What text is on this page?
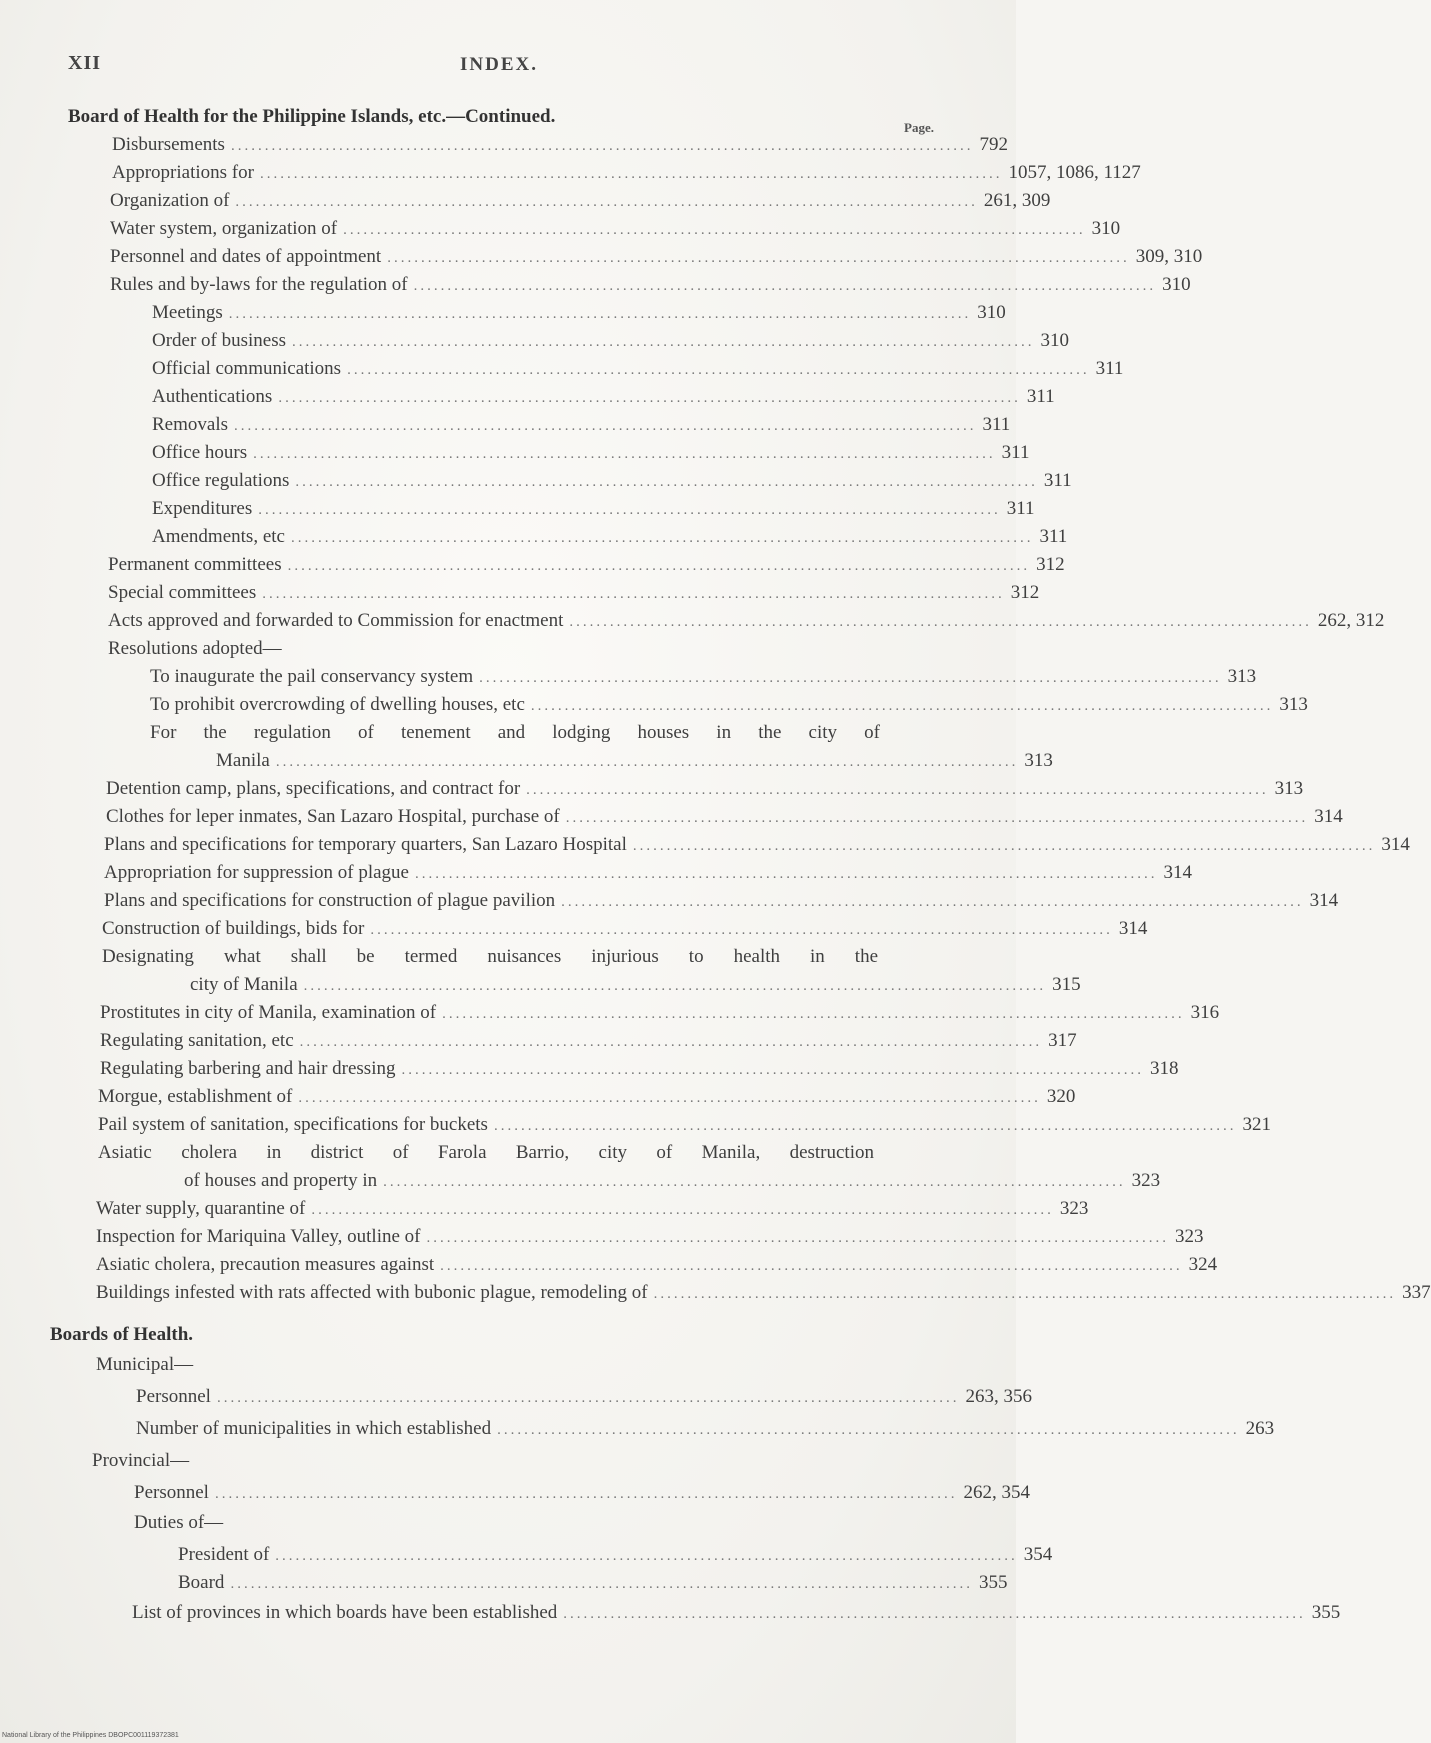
XII	INDEX.
Board of Health for the Philippine Islands, etc.—Continued.
Page.
Disbursements .............................................................................................................. 792
Appropriations for .............................................................................................................. 1057, 1086, 1127
Organization of .............................................................................................................. 261, 309
Water system, organization of .............................................................................................................. 310
Personnel and dates of appointment .............................................................................................................. 309, 310
Rules and by-laws for the regulation of .............................................................................................................. 310
Meetings .............................................................................................................. 310
Order of business .............................................................................................................. 310
Official communications .............................................................................................................. 311
Authentications .............................................................................................................. 311
Removals .............................................................................................................. 311
Office hours .............................................................................................................. 311
Office regulations .............................................................................................................. 311
Expenditures .............................................................................................................. 311
Amendments, etc .............................................................................................................. 311
Permanent committees .............................................................................................................. 312
Special committees .............................................................................................................. 312
Acts approved and forwarded to Commission for enactment .............................................................................................................. 262, 312
Resolutions adopted—
To inaugurate the pail conservancy system .............................................................................................................. 313
To prohibit overcrowding of dwelling houses, etc .............................................................................................................. 313
For the regulation of tenement and lodging houses in the city of
Manila .............................................................................................................. 313
Detention camp, plans, specifications, and contract for .............................................................................................................. 313
Clothes for leper inmates, San Lazaro Hospital, purchase of .............................................................................................................. 314
Plans and specifications for temporary quarters, San Lazaro Hospital .............................................................................................................. 314
Appropriation for suppression of plague .............................................................................................................. 314
Plans and specifications for construction of plague pavilion .............................................................................................................. 314
Construction of buildings, bids for .............................................................................................................. 314
Designating what shall be termed nuisances injurious to health in the
city of Manila .............................................................................................................. 315
Prostitutes in city of Manila, examination of .............................................................................................................. 316
Regulating sanitation, etc .............................................................................................................. 317
Regulating barbering and hair dressing .............................................................................................................. 318
Morgue, establishment of .............................................................................................................. 320
Pail system of sanitation, specifications for buckets .............................................................................................................. 321
Asiatic cholera in district of Farola Barrio, city of Manila, destruction
of houses and property in .............................................................................................................. 323
Water supply, quarantine of .............................................................................................................. 323
Inspection for Mariquina Valley, outline of .............................................................................................................. 323
Asiatic cholera, precaution measures against .............................................................................................................. 324
Buildings infested with rats affected with bubonic plague, remodeling of .............................................................................................................. 337
Boards of Health.
Municipal—
Personnel .............................................................................................................. 263, 356
Number of municipalities in which established .............................................................................................................. 263
Provincial—
Personnel .............................................................................................................. 262, 354
Duties of—
President of .............................................................................................................. 354
Board .............................................................................................................. 355
List of provinces in which boards have been established .............................................................................................................. 355
National Library of the Philippines DBOPC001119372381
